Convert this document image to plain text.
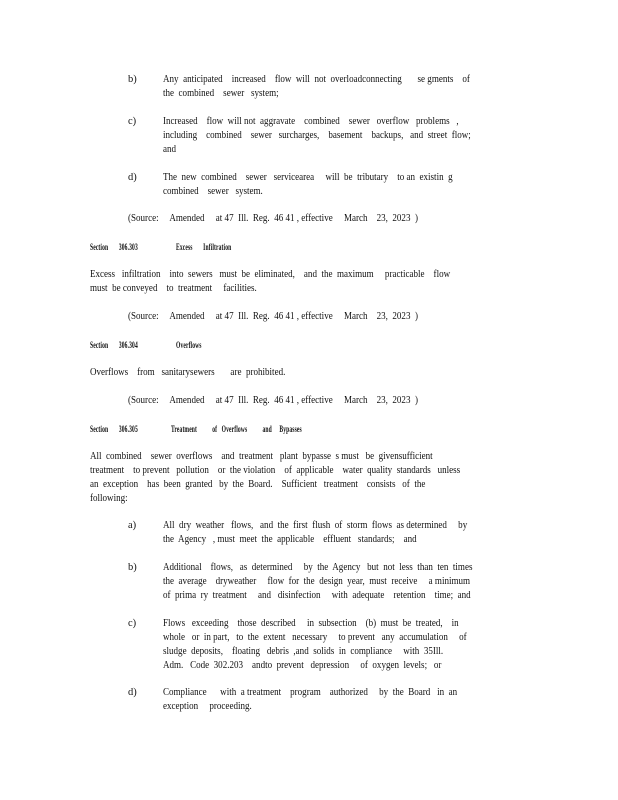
b)	Any  anticipated    increased    flow  will  not  overloadconnecting       se gments    of
the  combined    sewer   system;
c)	Increased    flow  will not  aggravate    combined    sewer   overflow   problems   ,
including    combined    sewer   surcharges,    basement    backups,   and  street  flow;
and
d)	The  new  combined    sewer   servicearea     will  be  tributary    to an  existin  g
combined    sewer   system.
(Source:     Amended     at 47  Ill.  Reg.  46 41 , effective     March    23,  2023  )
Section       306.303	Excess       Infiltration
Excess   infiltration    into  sewers   must  be  eliminated,    and  the  maximum     practicable    flow
must  be conveyed    to  treatment     facilities.
(Source:     Amended     at 47  Ill.  Reg.  46 41 , effective     March    23,  2023  )
Section       306.304	Overflows
Overflows    from   sanitarysewers       are  prohibited.
(Source:     Amended     at 47  Ill.  Reg.  46 41 , effective     March    23,  2023  )
Section       306.305	Treatment          of   Overflows          and     Bypasses
All  combined    sewer  overflows    and  treatment   plant  bypasse  s must   be  givensufficient
treatment    to prevent   pollution    or  the violation    of  applicable    water  quality  standards   unless
an  exception    has  been  granted   by  the  Board.    Sufficient   treatment    consists   of  the
following:
a)	All  dry  weather   flows,   and  the  first  flush  of  storm  flows  as determined     by
the  Agency   , must  meet  the  applicable    effluent   standards;    and
b)	Additional    flows,   as  determined     by  the  Agency   but  not  less  than  ten  times
the  average    dryweather     flow  for  the  design  year,  must  receive     a minimum
of  prima  ry  treatment     and   disinfection     with  adequate    retention    time;  and
c)	Flows   exceeding    those  described     in  subsection    (b)  must  be  treated,    in
whole   or  in part,   to  the  extent   necessary     to prevent   any  accumulation     of
sludge  deposits,    floating   debris  ,and  solids  in  compliance     with  35Ill.
Adm.   Code  302.203    andto  prevent   depression     of  oxygen  levels;   or
d)	Compliance      with  a treatment    program    authorized     by  the  Board   in  an
exception     proceeding.
